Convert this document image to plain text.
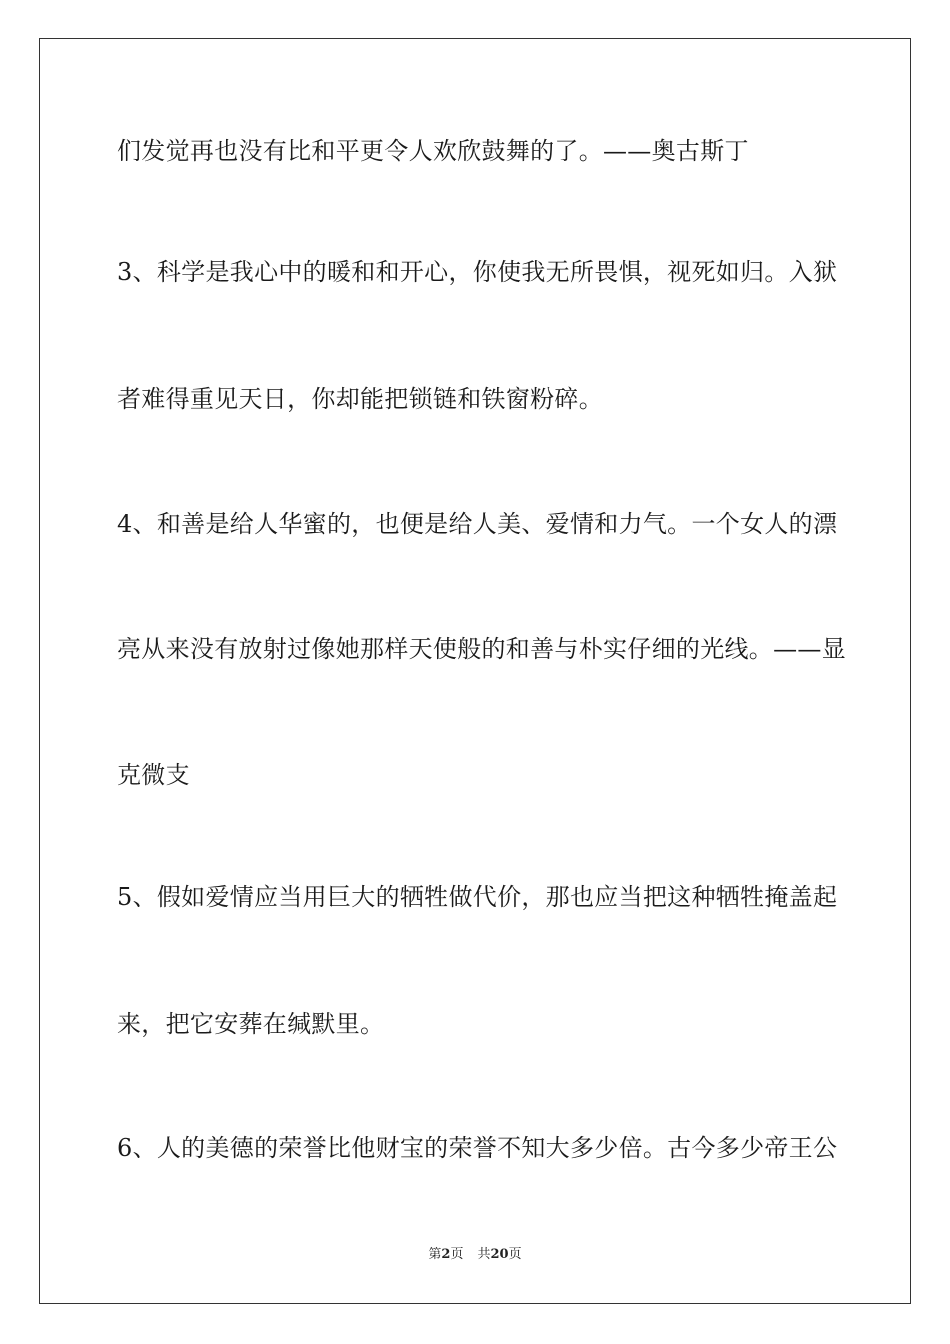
们发觉再也没有比和平更令人欢欣鼓舞的了。——奥古斯丁
3、科学是我心中的暖和和开心，你使我无所畏惧，视死如归。入狱
者难得重见天日，你却能把锁链和铁窗粉碎。
4、和善是给人华蜜的，也便是给人美、爱情和力气。一个女人的漂
亮从来没有放射过像她那样天使般的和善与朴实仔细的光线。——显
克微支
5、假如爱情应当用巨大的牺牲做代价，那也应当把这种牺牲掩盖起
来，把它安葬在缄默里。
6、人的美德的荣誉比他财宝的荣誉不知大多少倍。古今多少帝王公
第2页 共20页
